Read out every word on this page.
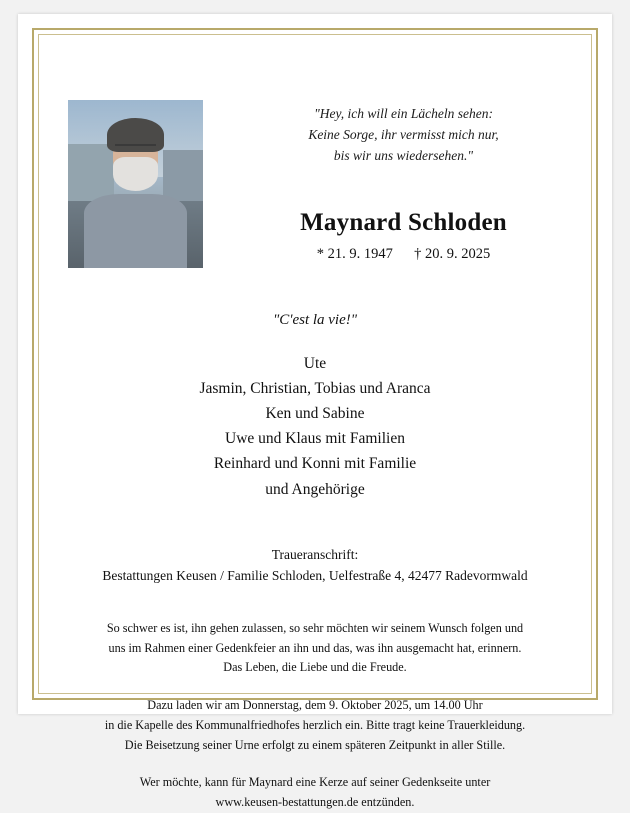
"Hey, ich will ein Lächeln sehen:
Keine Sorge, ihr vermisst mich nur,
bis wir uns wiedersehen."
Maynard Schloden
* 21. 9. 1947 † 20. 9. 2025
"C'est la vie!"
Ute
Jasmin, Christian, Tobias und Aranca
Ken und Sabine
Uwe und Klaus mit Familien
Reinhard und Konni mit Familie
und Angehörige
Traueranschrift:
Bestattungen Keusen / Familie Schloden, Uelfestraße 4, 42477 Radevormwald
So schwer es ist, ihn gehen zulassen, so sehr möchten wir seinem Wunsch folgen und
uns im Rahmen einer Gedenkfeier an ihn und das, was ihn ausgemacht hat, erinnern.
Das Leben, die Liebe und die Freude.
Dazu laden wir am Donnerstag, dem 9. Oktober 2025, um 14.00 Uhr
in die Kapelle des Kommunalfriedhofes herzlich ein. Bitte tragt keine Trauerkleidung.
Die Beisetzung seiner Urne erfolgt zu einem späteren Zeitpunkt in aller Stille.
Wer möchte, kann für Maynard eine Kerze auf seiner Gedenkseite unter
www.keusen-bestattungen.de entzünden.
